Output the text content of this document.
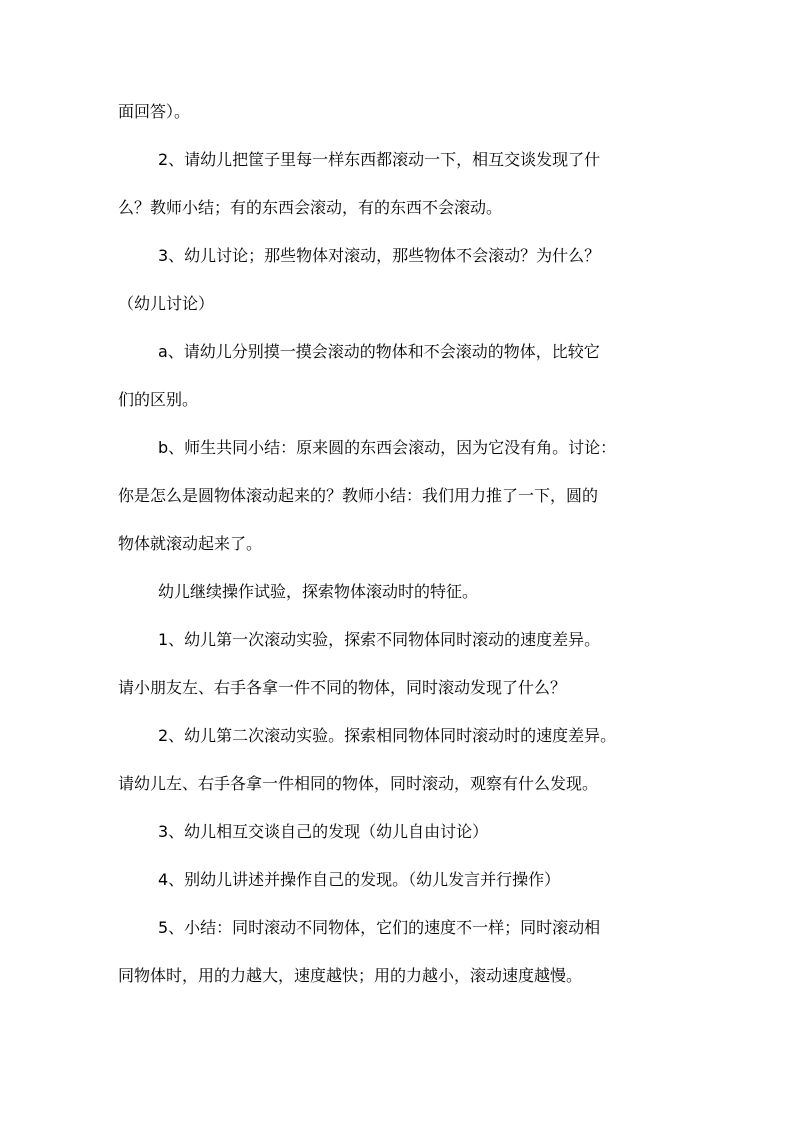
面回答）。
2、请幼儿把筐子里每一样东西都滚动一下，相互交谈发现了什
么？教师小结；有的东西会滚动，有的东西不会滚动。
3、幼儿讨论；那些物体对滚动，那些物体不会滚动？为什么？
（幼儿讨论）
a、请幼儿分别摸一摸会滚动的物体和不会滚动的物体，比较它
们的区别。
b、师生共同小结：原来圆的东西会滚动，因为它没有角。讨论：
你是怎么是圆物体滚动起来的？教师小结：我们用力推了一下，圆的
物体就滚动起来了。
幼儿继续操作试验，探索物体滚动时的特征。
1、幼儿第一次滚动实验，探索不同物体同时滚动的速度差异。
请小朋友左、右手各拿一件不同的物体，同时滚动发现了什么？
2、幼儿第二次滚动实验。探索相同物体同时滚动时的速度差异。
请幼儿左、右手各拿一件相同的物体，同时滚动，观察有什么发现。
3、幼儿相互交谈自己的发现（幼儿自由讨论）
4、别幼儿讲述并操作自己的发现。（幼儿发言并行操作）
5、小结：同时滚动不同物体，它们的速度不一样；同时滚动相
同物体时，用的力越大，速度越快；用的力越小，滚动速度越慢。
